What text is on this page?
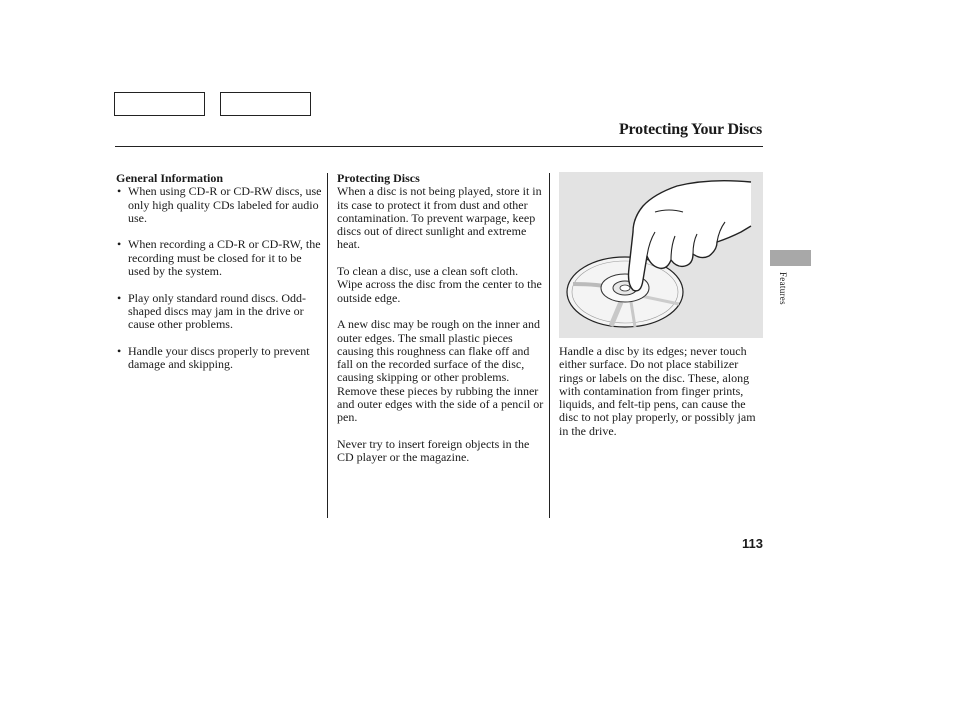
Protecting Your Discs
General Information
• When using CD-R or CD-RW discs, use only high quality CDs labeled for audio use.
• When recording a CD-R or CD-RW, the recording must be closed for it to be used by the system.
• Play only standard round discs. Odd-shaped discs may jam in the drive or cause other problems.
• Handle your discs properly to prevent damage and skipping.
Protecting Discs

When a disc is not being played, store it in its case to protect it from dust and other contamination. To prevent warpage, keep discs out of direct sunlight and extreme heat.

To clean a disc, use a clean soft cloth. Wipe across the disc from the center to the outside edge.

A new disc may be rough on the inner and outer edges. The small plastic pieces causing this roughness can flake off and fall on the recorded surface of the disc, causing skipping or other problems. Remove these pieces by rubbing the inner and outer edges with the side of a pencil or pen.

Never try to insert foreign objects in the CD player or the magazine.

Handle a disc by its edges; never touch either surface. Do not place stabilizer rings or labels on the disc. These, along with contamination from finger prints, liquids, and felt-tip pens, can cause the disc to not play properly, or possibly jam in the drive.

Features
113
